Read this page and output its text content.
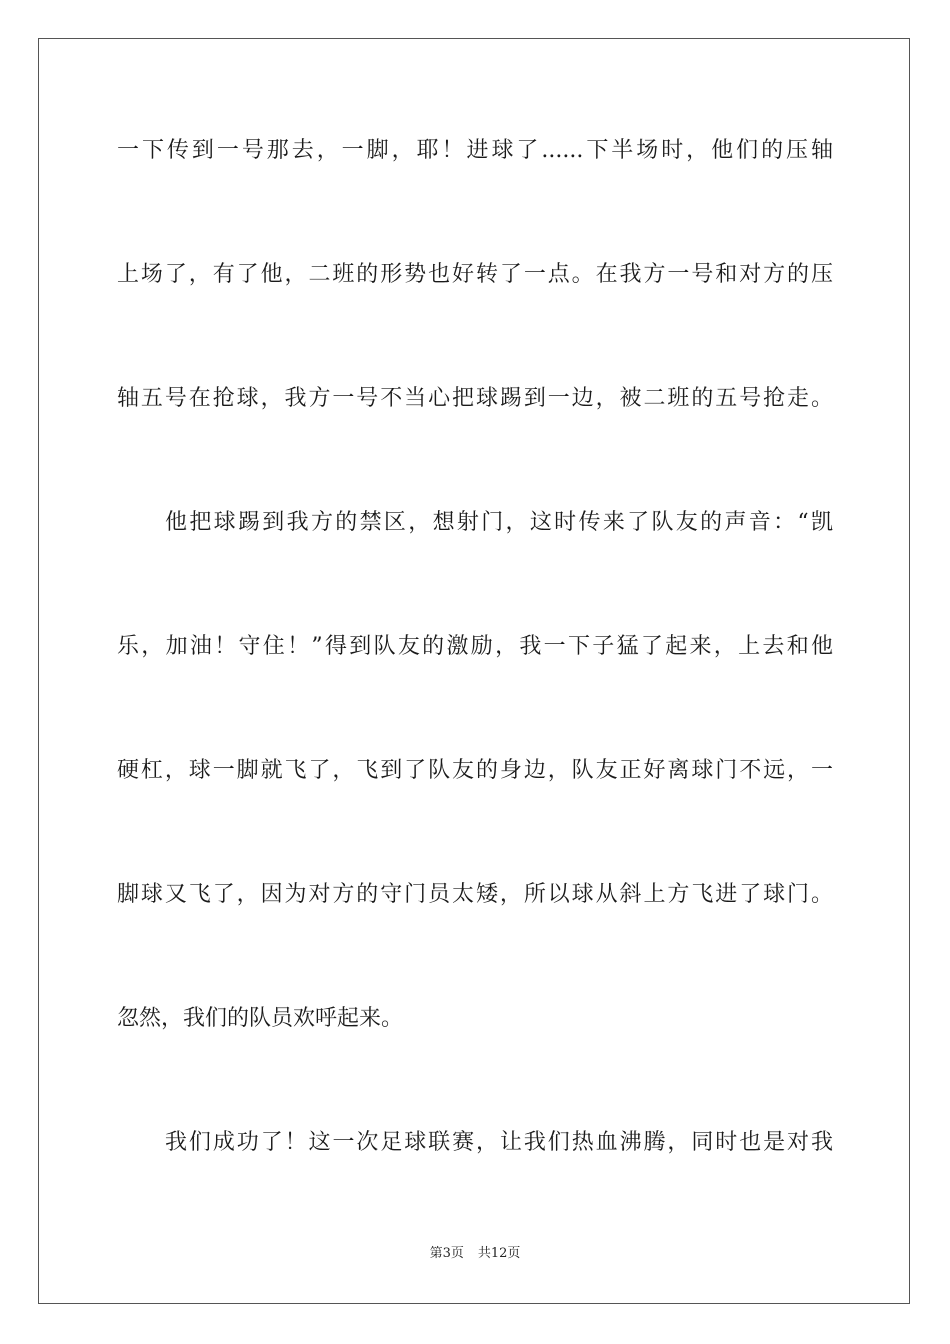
一下传到一号那去，一脚，耶！进球了......下半场时，他们的压轴
上场了，有了他，二班的形势也好转了一点。在我方一号和对方的压
轴五号在抢球，我方一号不当心把球踢到一边，被二班的五号抢走。
他把球踢到我方的禁区，想射门，这时传来了队友的声音：“凯
乐，加油！守住！”得到队友的激励，我一下子猛了起来，上去和他
硬杠，球一脚就飞了，飞到了队友的身边，队友正好离球门不远，一
脚球又飞了，因为对方的守门员太矮，所以球从斜上方飞进了球门。
忽然，我们的队员欢呼起来。
我们成功了！这一次足球联赛，让我们热血沸腾，同时也是对我
第3页 共12页
